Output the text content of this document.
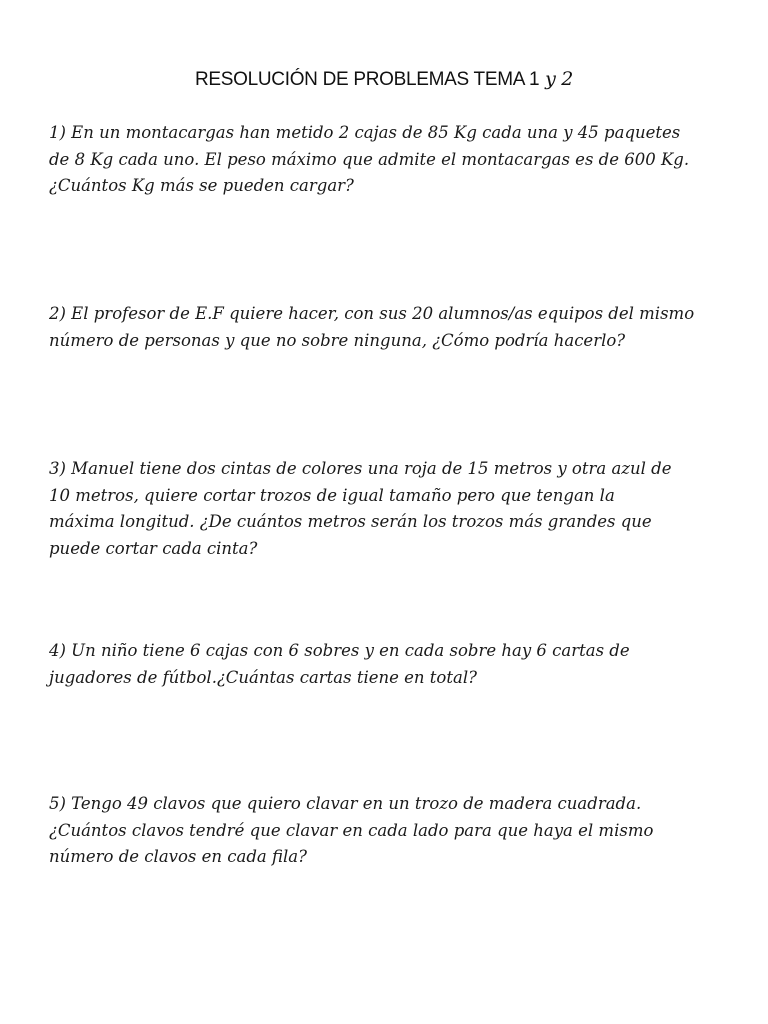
RESOLUCIÓN DE PROBLEMAS TEMA 1 y 2
1) En un montacargas han metido 2 cajas de 85 Kg cada una y 45 paquetes
de 8 Kg cada uno. El peso máximo que admite el montacargas es de 600 Kg.
¿Cuántos Kg más se pueden cargar?
2) El profesor de E.F quiere hacer, con sus 20 alumnos/as equipos del mismo
número de personas y que no sobre ninguna, ¿Cómo podría hacerlo?
3) Manuel tiene dos cintas de colores una roja de 15 metros y otra azul de
10 metros, quiere cortar trozos de igual tamaño pero que tengan la
máxima longitud. ¿De cuántos metros serán los trozos más grandes que
puede cortar cada cinta?
4) Un niño tiene 6 cajas con 6 sobres y en cada sobre hay 6 cartas de
jugadores de fútbol.¿Cuántas cartas tiene en total?
5) Tengo 49 clavos que quiero clavar en un trozo de madera cuadrada.
¿Cuántos clavos tendré que clavar en cada lado para que haya el mismo
número de clavos en cada fila?
